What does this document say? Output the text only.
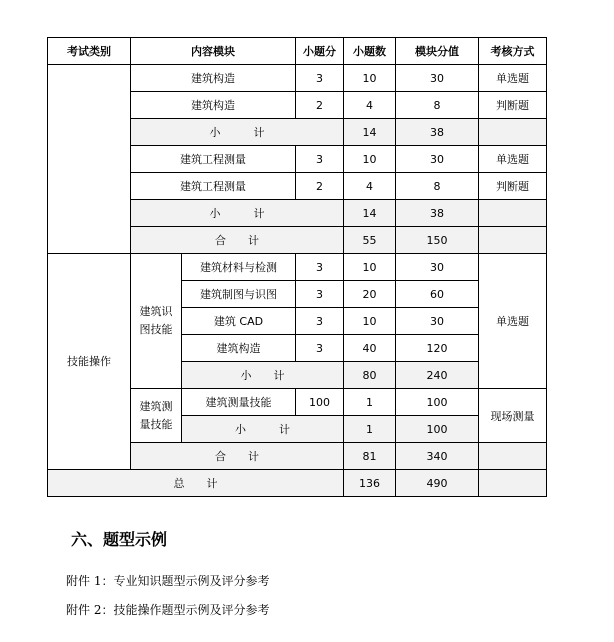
考试类别	内容模块		小题分	小题数	模块分值	考核方式
	建筑构造		3	10	30	单选题
	建筑构造		2	4	8	判断题
	小　　　计			14	38	
	建筑工程测量		3	10	30	单选题
	建筑工程测量		2	4	8	判断题
	小　　　计			14	38	
	合　　计			55	150	
技能操作	建筑识图技能	建筑材料与检测	3	10	30	单选题
		建筑制图与识图	3	20	60	
		建筑 CAD	3	10	30	
		建筑构造	3	40	120	
		小　　计		80	240	

	建筑测量技能	建筑测量技能	100	1	100	现场测量
		小　　　计		1	100	
	合　　计			81	340	
总　　计				136	490	
六、题型示例

附件 1：专业知识题型示例及评分参考

附件 2：技能操作题型示例及评分参考
